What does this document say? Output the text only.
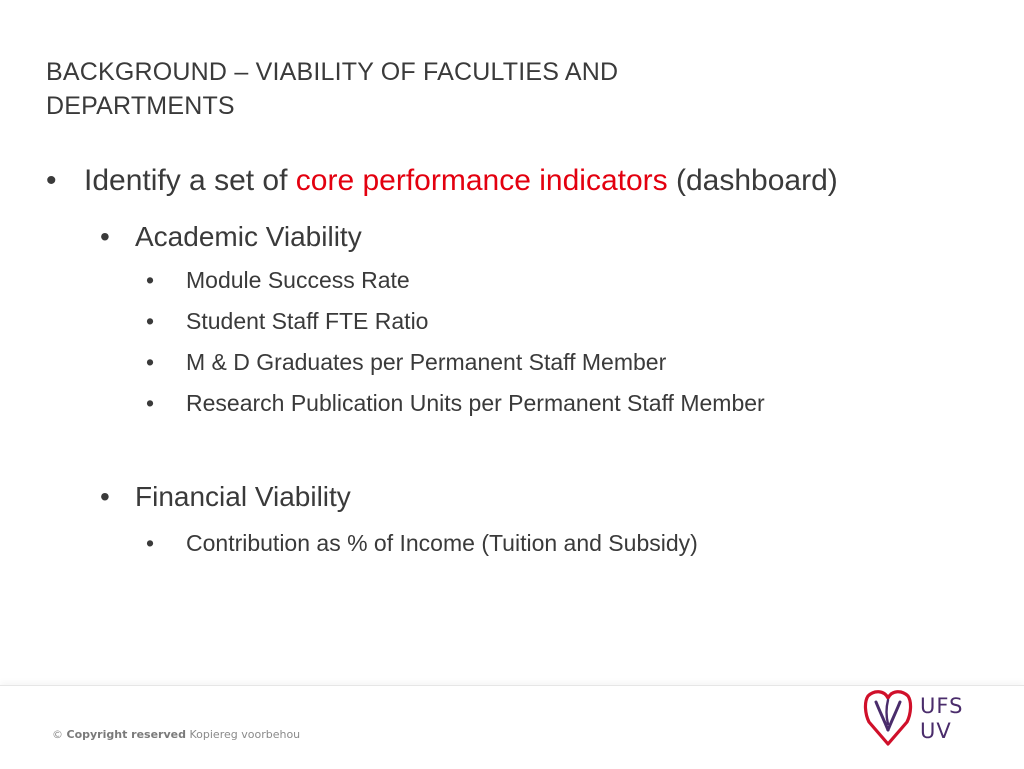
BACKGROUND – VIABILITY OF FACULTIES AND DEPARTMENTS
• Identify a set of core performance indicators (dashboard)
• Academic Viability
• Module Success Rate
• Student Staff FTE Ratio
• M & D Graduates per Permanent Staff Member
• Research Publication Units per Permanent Staff Member
• Financial Viability
• Contribution as % of Income (Tuition and Subsidy)
© Copyright reserved Kopiereg voorbehou
UFS
UV
